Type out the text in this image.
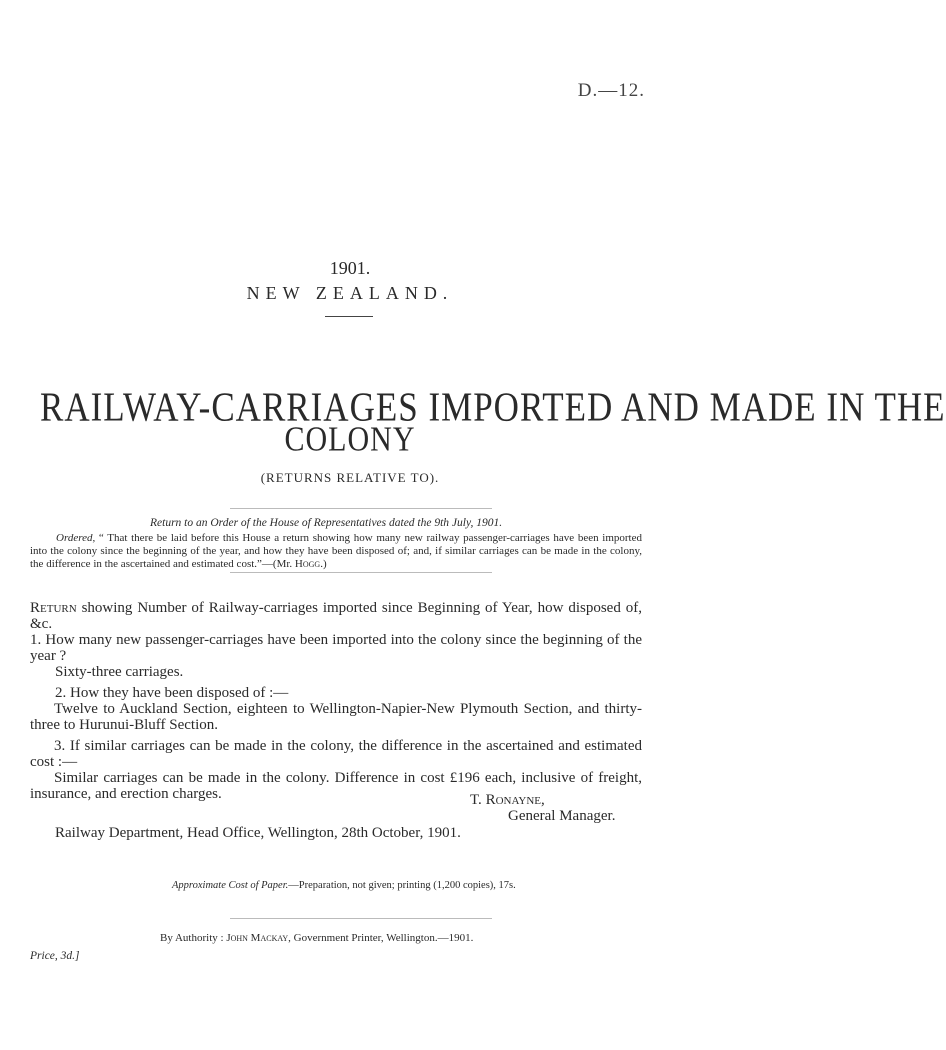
D.—12.
1901.
NEW ZEALAND.
RAILWAY-CARRIAGES IMPORTED AND MADE IN THE
COLONY
(RETURNS RELATIVE TO).
Return to an Order of the House of Representatives dated the 9th July, 1901.
Ordered, “ That there be laid before this House a return showing how many new railway passenger-carriages have been imported into the colony since the beginning of the year, and how they have been disposed of; and, if similar carriages can be made in the colony, the difference in the ascertained and estimated cost.”—(Mr. Hogg.)
Return showing Number of Railway-carriages imported since Beginning of Year, how disposed of, &c.
1. How many new passenger-carriages have been imported into the colony since the beginning of the year ?
Sixty-three carriages.
2. How they have been disposed of :—
Twelve to Auckland Section, eighteen to Wellington-Napier-New Plymouth Section, and thirty-three to Hurunui-Bluff Section.
3. If similar carriages can be made in the colony, the difference in the ascertained and estimated cost :—
Similar carriages can be made in the colony. Difference in cost £196 each, inclusive of freight, insurance, and erection charges.	T. Ronayne,
General Manager.
Railway Department, Head Office, Wellington, 28th October, 1901.
Approximate Cost of Paper.—Preparation, not given; printing (1,200 copies), 17s.
By Authority : John Mackay, Government Printer, Wellington.—1901.
Price, 3d.]
